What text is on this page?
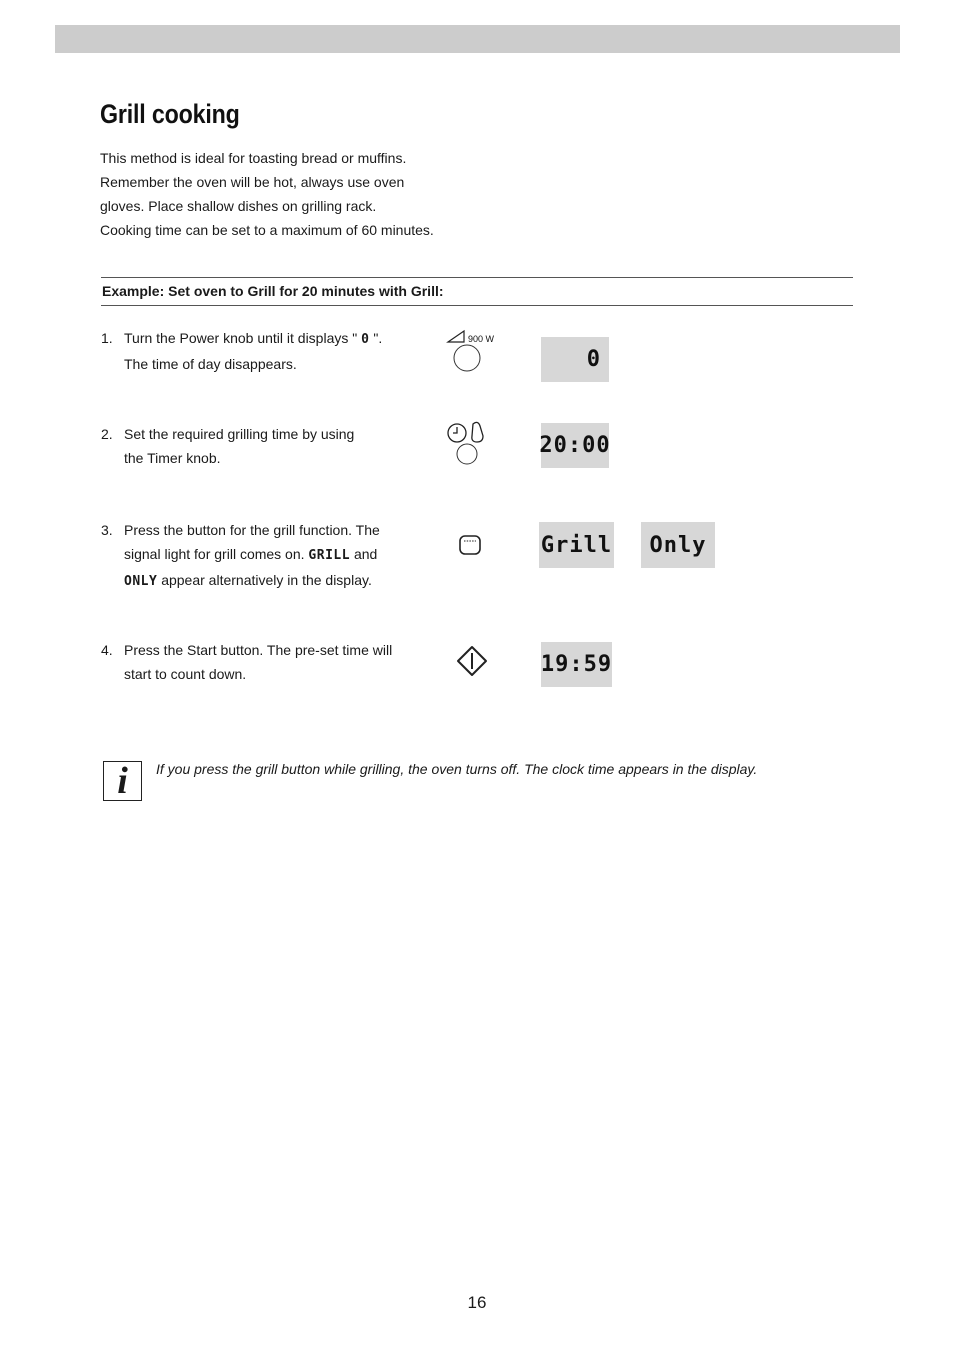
Grill cooking
This method is ideal for toasting bread or muffins.
Remember the oven will be hot, always use oven
gloves. Place shallow dishes on grilling rack.
Cooking time can be set to a maximum of 60 minutes.
Example: Set oven to Grill for 20 minutes with Grill:
1. Turn the Power knob until it displays " 0 ".
The time of day disappears.
900 W
0
2. Set the required grilling time by using
the Timer knob.	20:00
3. Press the button for the grill function. The
signal light for grill comes on. GRILL and
ONLY appear alternatively in the display.
Grill	Only
4. Press the Start button. The pre-set time will
start to count down.	19:59
i	If you press the grill button while grilling, the oven turns off. The clock time appears in the display.
16
